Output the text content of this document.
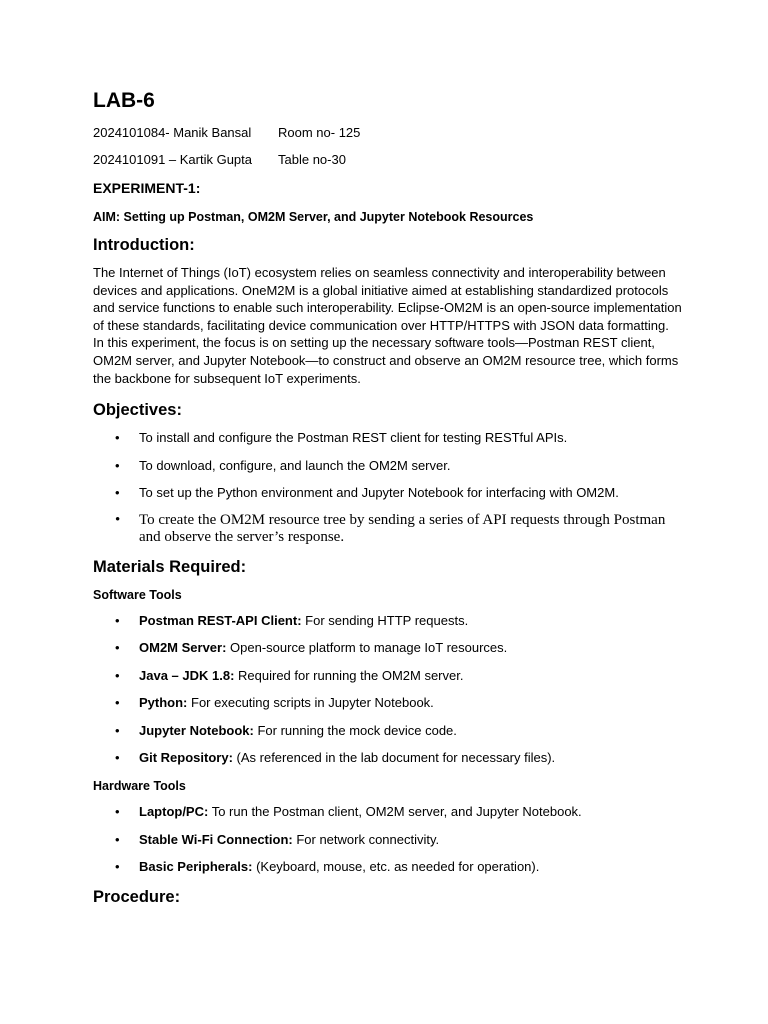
LAB-6
2024101084- Manik Bansal	Room no- 125
2024101091 – Kartik Gupta	Table no-30
EXPERIMENT-1:
AIM: Setting up Postman, OM2M Server, and Jupyter Notebook Resources
Introduction:
The Internet of Things (IoT) ecosystem relies on seamless connectivity and interoperability between devices and applications. OneM2M is a global initiative aimed at establishing standardized protocols and service functions to enable such interoperability. Eclipse-OM2M is an open-source implementation of these standards, facilitating device communication over HTTP/HTTPS with JSON data formatting. In this experiment, the focus is on setting up the necessary software tools—Postman REST client, OM2M server, and Jupyter Notebook—to construct and observe an OM2M resource tree, which forms the backbone for subsequent IoT experiments.
Objectives:
• To install and configure the Postman REST client for testing RESTful APIs.
• To download, configure, and launch the OM2M server.
• To set up the Python environment and Jupyter Notebook for interfacing with OM2M.
• To create the OM2M resource tree by sending a series of API requests through Postman and observe the server’s response.
Materials Required:
Software Tools
• Postman REST-API Client: For sending HTTP requests.
• OM2M Server: Open-source platform to manage IoT resources.
• Java – JDK 1.8: Required for running the OM2M server.
• Python: For executing scripts in Jupyter Notebook.
• Jupyter Notebook: For running the mock device code.
• Git Repository: (As referenced in the lab document for necessary files).
Hardware Tools
• Laptop/PC: To run the Postman client, OM2M server, and Jupyter Notebook.
• Stable Wi-Fi Connection: For network connectivity.
• Basic Peripherals: (Keyboard, mouse, etc. as needed for operation).
Procedure:
